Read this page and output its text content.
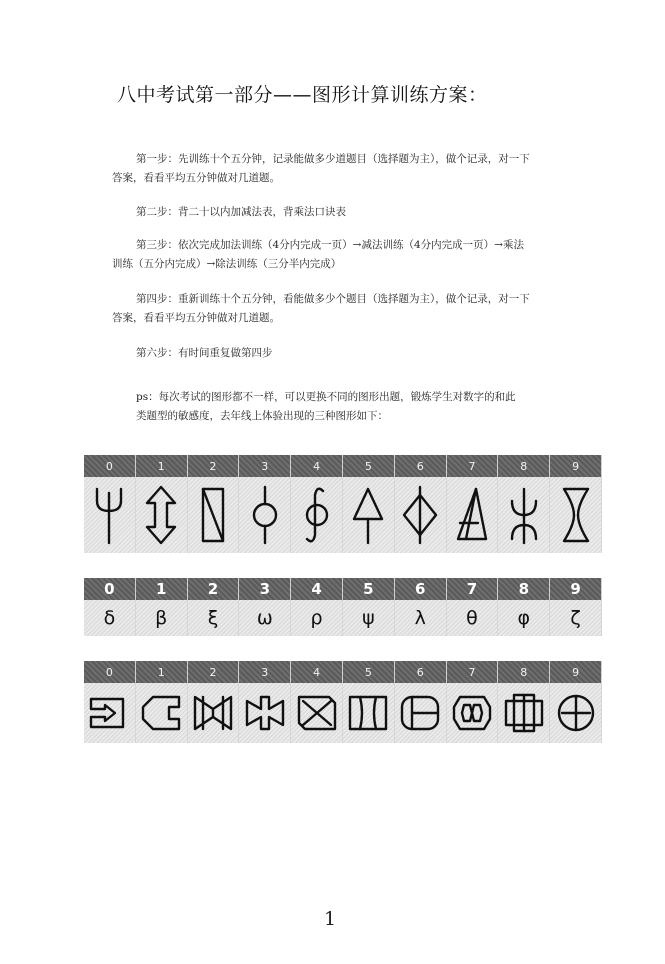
八中考试第一部分——图形计算训练方案：
第一步：先训练十个五分钟，记录能做多少道题目（选择题为主），做个记录，对一下
答案，看看平均五分钟做对几道题。
第二步：背二十以内加减法表，背乘法口诀表
第三步：依次完成加法训练（4分内完成一页）→减法训练（4分内完成一页）→乘法
训练（五分内完成）→除法训练（三分半内完成）
第四步：重新训练十个五分钟，看能做多少个题目（选择题为主），做个记录，对一下
答案，看看平均五分钟做对几道题。
第六步：有时间重复做第四步
ps：每次考试的图形都不一样，可以更换不同的图形出题，锻炼学生对数字的和此
类题型的敏感度，去年线上体验出现的三种图形如下：
0	1	2	3	4	5	6	7	8	9
0	1	2	3	4	5	6	7	8	9
δ	β	ξ	ω	ρ	ψ	λ	θ	φ	ζ
0	1	2	3	4	5	6	7	8	9
1
